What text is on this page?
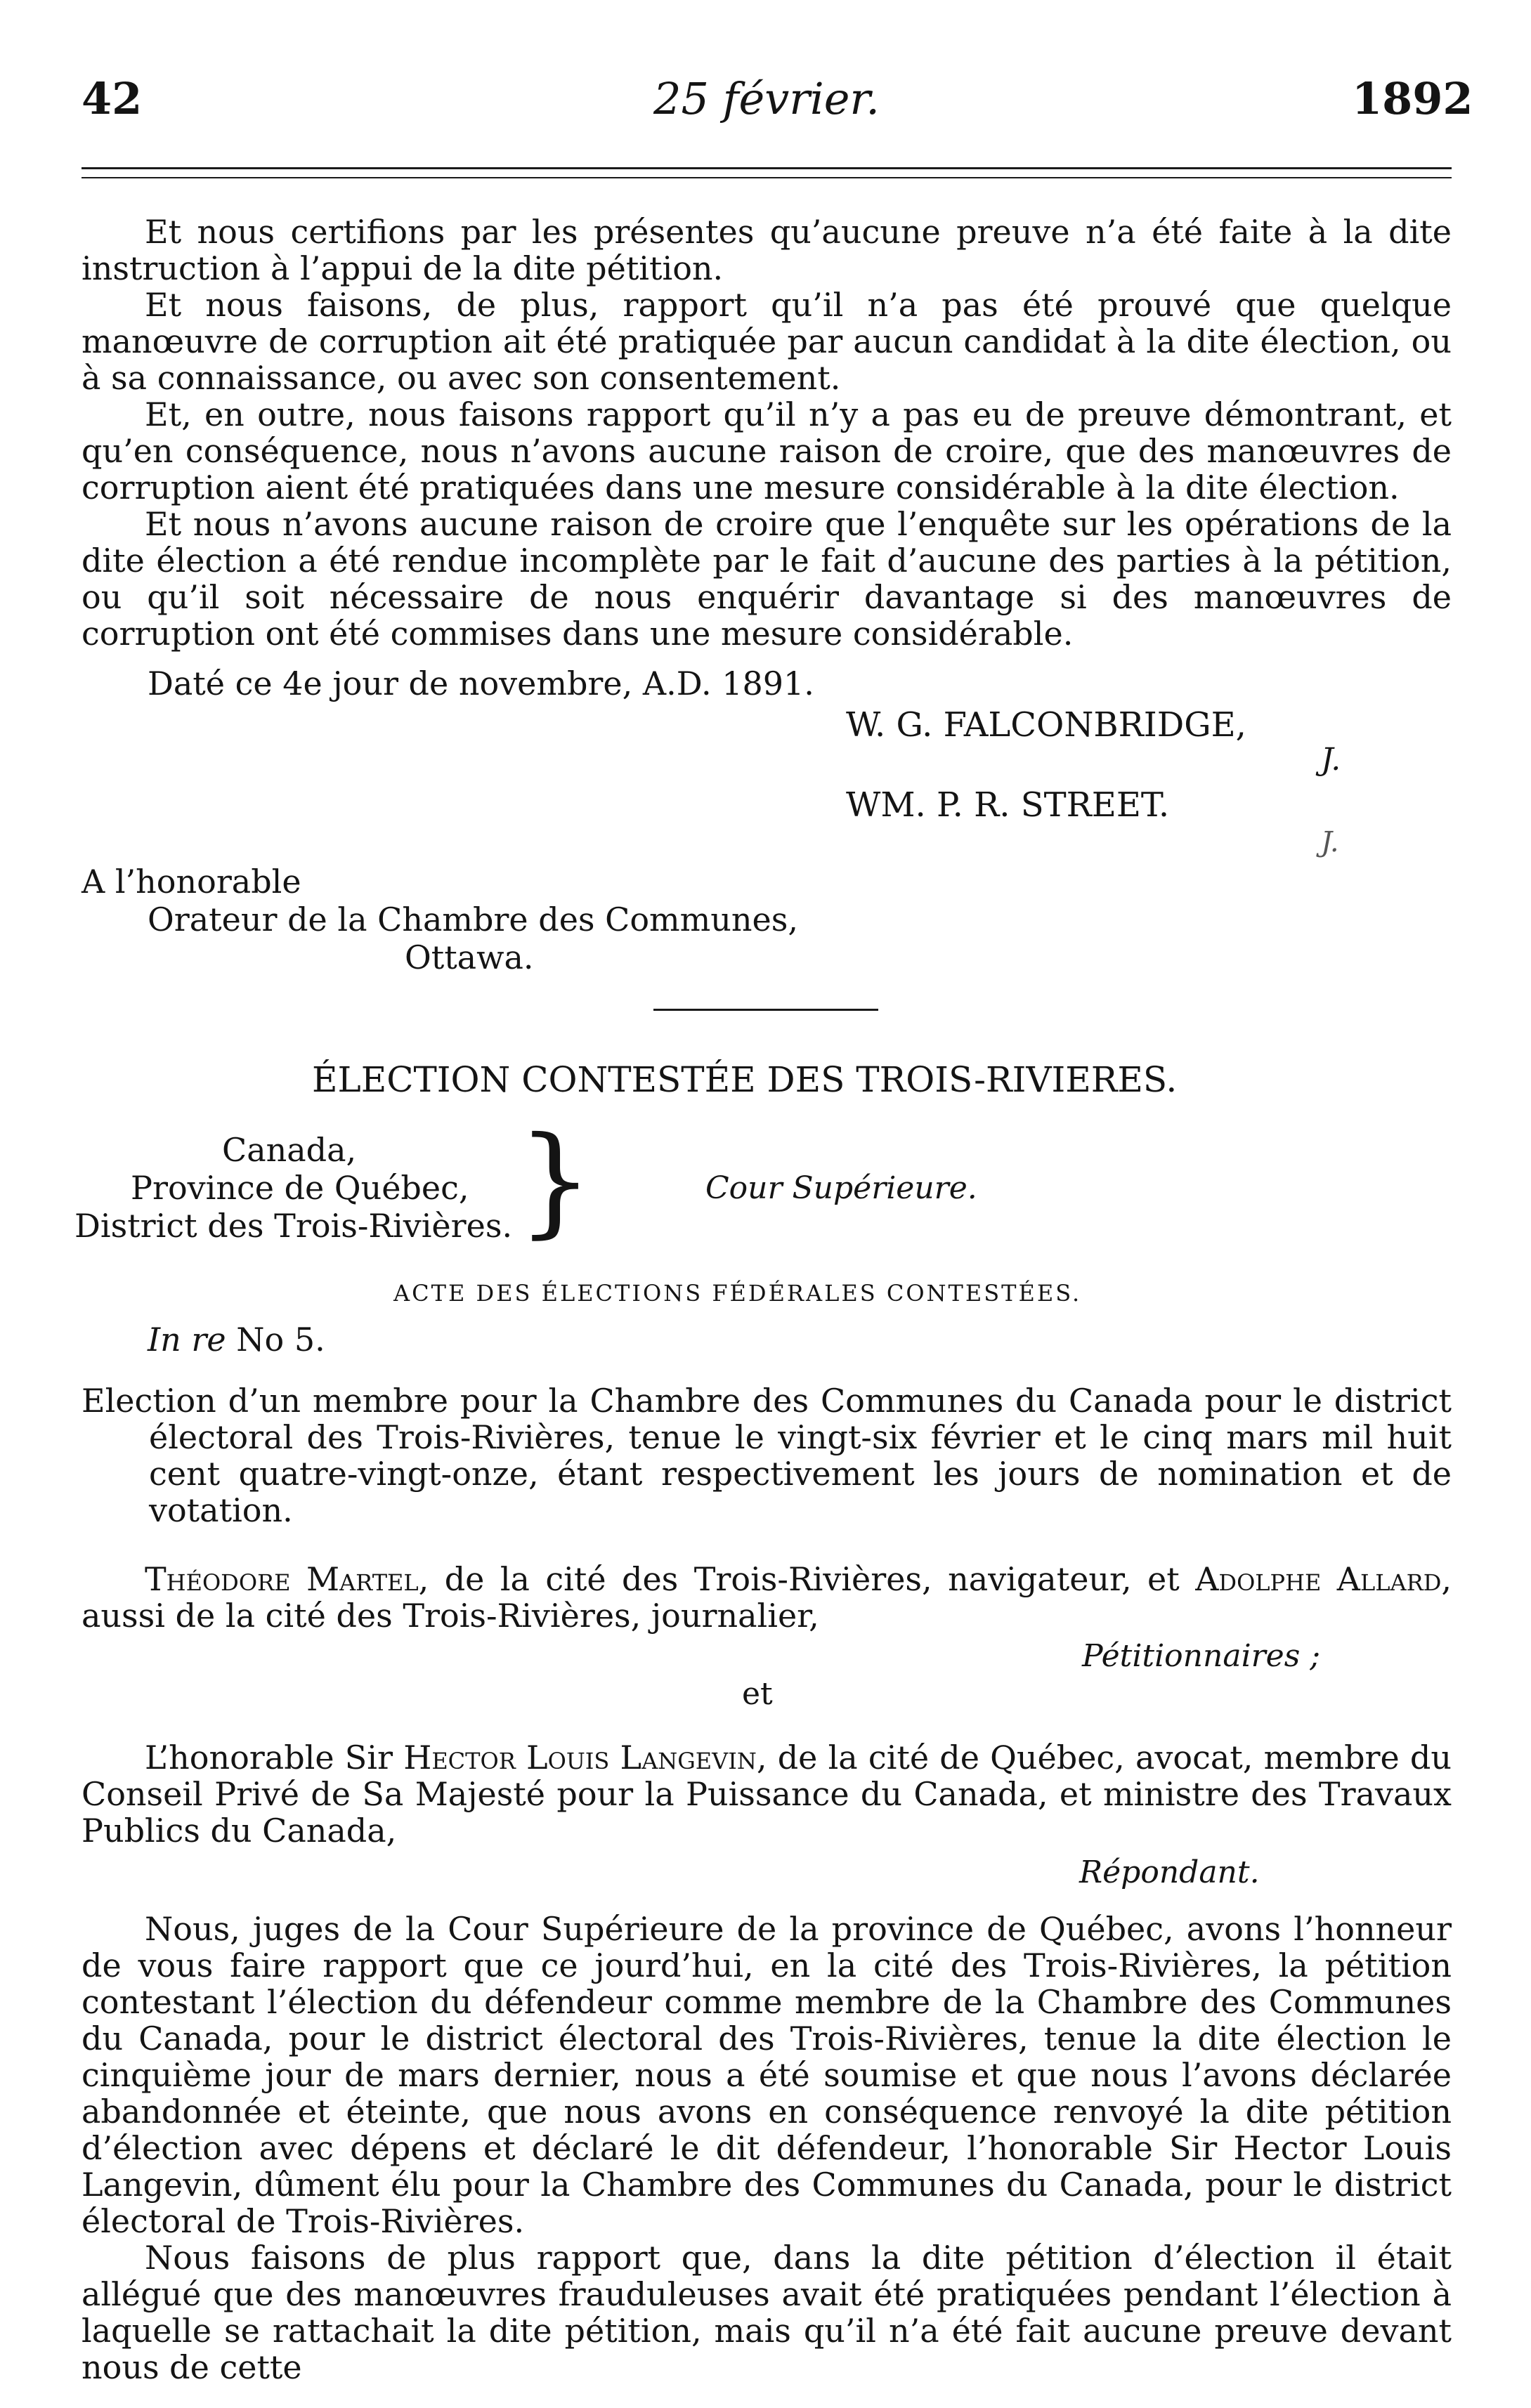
42	25 février.	1892

Et nous certifions par les présentes qu’aucune preuve n’a été faite à la dite instruction à l’appui de la dite pétition.

Et nous faisons, de plus, rapport qu’il n’a pas été prouvé que quelque manœuvre de corruption ait été pratiquée par aucun candidat à la dite élection, ou à sa connaissance, ou avec son consentement.

Et, en outre, nous faisons rapport qu’il n’y a pas eu de preuve démontrant, et qu’en conséquence, nous n’avons aucune raison de croire, que des manœuvres de corruption aient été pratiquées dans une mesure considérable à la dite élection.

Et nous n’avons aucune raison de croire que l’enquête sur les opérations de la dite élection a été rendue incomplète par le fait d’aucune des parties à la pétition, ou qu’il soit nécessaire de nous enquérir davantage si des manœuvres de corruption ont été commises dans une mesure considérable.

Daté ce 4e jour de novembre, A.D. 1891.
W. G. FALCONBRIDGE,
J.
WM. P. R. STREET.
J.
A l’honorable
Orateur de la Chambre des Communes,
Ottawa.
ÉLECTION CONTESTÉE DES TROIS-RIVIERES.
Canada,
Province de Québec,
District des Trois-Rivières. }	Cour Supérieure.
ACTE DES ÉLECTIONS FÉDÉRALES CONTESTÉES.
In re No 5.
Election d’un membre pour la Chambre des Communes du Canada pour le district électoral des Trois-Rivières, tenue le vingt-six février et le cinq mars mil huit cent quatre-vingt-onze, étant respectivement les jours de nomination et de votation.

Théodore Martel, de la cité des Trois-Rivières, navigateur, et Adolphe Allard, aussi de la cité des Trois-Rivières, journalier,

Pétitionnaires ;
et

L’honorable Sir Hector Louis Langevin, de la cité de Québec, avocat, membre du Conseil Privé de Sa Majesté pour la Puissance du Canada, et ministre des Travaux Publics du Canada,

Répondant.

Nous, juges de la Cour Supérieure de la province de Québec, avons l’honneur de vous faire rapport que ce jourd’hui, en la cité des Trois-Rivières, la pétition contestant l’élection du défendeur comme membre de la Chambre des Communes du Canada, pour le district électoral des Trois-Rivières, tenue la dite élection le cinquième jour de mars dernier, nous a été soumise et que nous l’avons déclarée abandonnée et éteinte, que nous avons en conséquence renvoyé la dite pétition d’élection avec dépens et déclaré le dit défendeur, l’honorable Sir Hector Louis Langevin, dûment élu pour la Chambre des Communes du Canada, pour le district électoral de Trois-Rivières.

Nous faisons de plus rapport que, dans la dite pétition d’élection il était allégué que des manœuvres frauduleuses avait été pratiquées pendant l’élection à laquelle se rattachait la dite pétition, mais qu’il n’a été fait aucune preuve devant nous de cette
